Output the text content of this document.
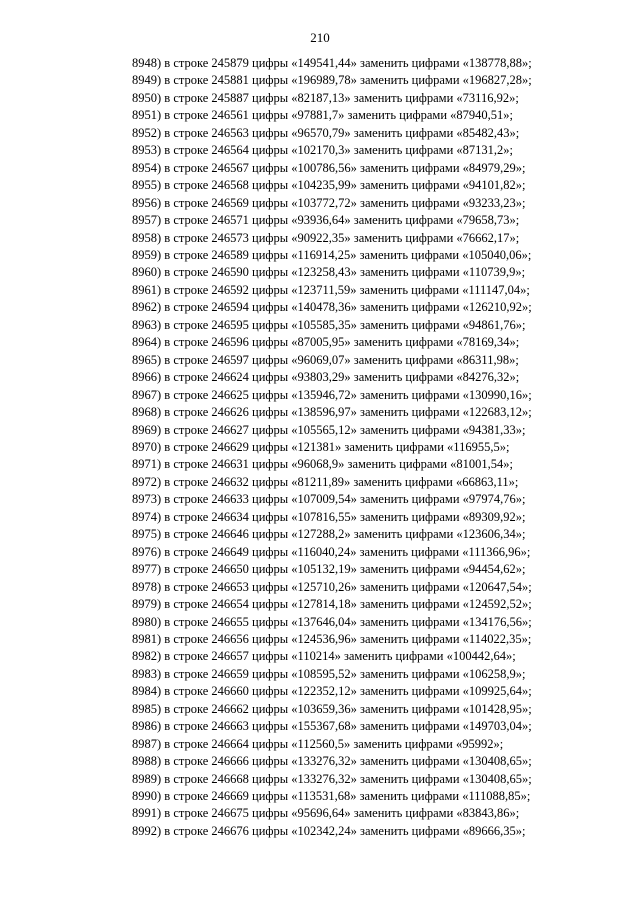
210
8948) в строке 245879 цифры «149541,44» заменить цифрами «138778,88»;
8949) в строке 245881 цифры «196989,78» заменить цифрами «196827,28»;
8950) в строке 245887 цифры «82187,13» заменить цифрами «73116,92»;
8951) в строке 246561 цифры «97881,7» заменить цифрами «87940,51»;
8952) в строке 246563 цифры «96570,79» заменить цифрами «85482,43»;
8953) в строке 246564 цифры «102170,3» заменить цифрами «87131,2»;
8954) в строке 246567 цифры «100786,56» заменить цифрами «84979,29»;
8955) в строке 246568 цифры «104235,99» заменить цифрами «94101,82»;
8956) в строке 246569 цифры «103772,72» заменить цифрами «93233,23»;
8957) в строке 246571 цифры «93936,64» заменить цифрами «79658,73»;
8958) в строке 246573 цифры «90922,35» заменить цифрами «76662,17»;
8959) в строке 246589 цифры «116914,25» заменить цифрами «105040,06»;
8960) в строке 246590 цифры «123258,43» заменить цифрами «110739,9»;
8961) в строке 246592 цифры «123711,59» заменить цифрами «111147,04»;
8962) в строке 246594 цифры «140478,36» заменить цифрами «126210,92»;
8963) в строке 246595 цифры «105585,35» заменить цифрами «94861,76»;
8964) в строке 246596 цифры «87005,95» заменить цифрами «78169,34»;
8965) в строке 246597 цифры «96069,07» заменить цифрами «86311,98»;
8966) в строке 246624 цифры «93803,29» заменить цифрами «84276,32»;
8967) в строке 246625 цифры «135946,72» заменить цифрами «130990,16»;
8968) в строке 246626 цифры «138596,97» заменить цифрами «122683,12»;
8969) в строке 246627 цифры «105565,12» заменить цифрами «94381,33»;
8970) в строке 246629 цифры «121381» заменить цифрами «116955,5»;
8971) в строке 246631 цифры «96068,9» заменить цифрами «81001,54»;
8972) в строке 246632 цифры «81211,89» заменить цифрами «66863,11»;
8973) в строке 246633 цифры «107009,54» заменить цифрами «97974,76»;
8974) в строке 246634 цифры «107816,55» заменить цифрами «89309,92»;
8975) в строке 246646 цифры «127288,2» заменить цифрами «123606,34»;
8976) в строке 246649 цифры «116040,24» заменить цифрами «111366,96»;
8977) в строке 246650 цифры «105132,19» заменить цифрами «94454,62»;
8978) в строке 246653 цифры «125710,26» заменить цифрами «120647,54»;
8979) в строке 246654 цифры «127814,18» заменить цифрами «124592,52»;
8980) в строке 246655 цифры «137646,04» заменить цифрами «134176,56»;
8981) в строке 246656 цифры «124536,96» заменить цифрами «114022,35»;
8982) в строке 246657 цифры «110214» заменить цифрами «100442,64»;
8983) в строке 246659 цифры «108595,52» заменить цифрами «106258,9»;
8984) в строке 246660 цифры «122352,12» заменить цифрами «109925,64»;
8985) в строке 246662 цифры «103659,36» заменить цифрами «101428,95»;
8986) в строке 246663 цифры «155367,68» заменить цифрами «149703,04»;
8987) в строке 246664 цифры «112560,5» заменить цифрами «95992»;
8988) в строке 246666 цифры «133276,32» заменить цифрами «130408,65»;
8989) в строке 246668 цифры «133276,32» заменить цифрами «130408,65»;
8990) в строке 246669 цифры «113531,68» заменить цифрами «111088,85»;
8991) в строке 246675 цифры «95696,64» заменить цифрами «83843,86»;
8992) в строке 246676 цифры «102342,24» заменить цифрами «89666,35»;
